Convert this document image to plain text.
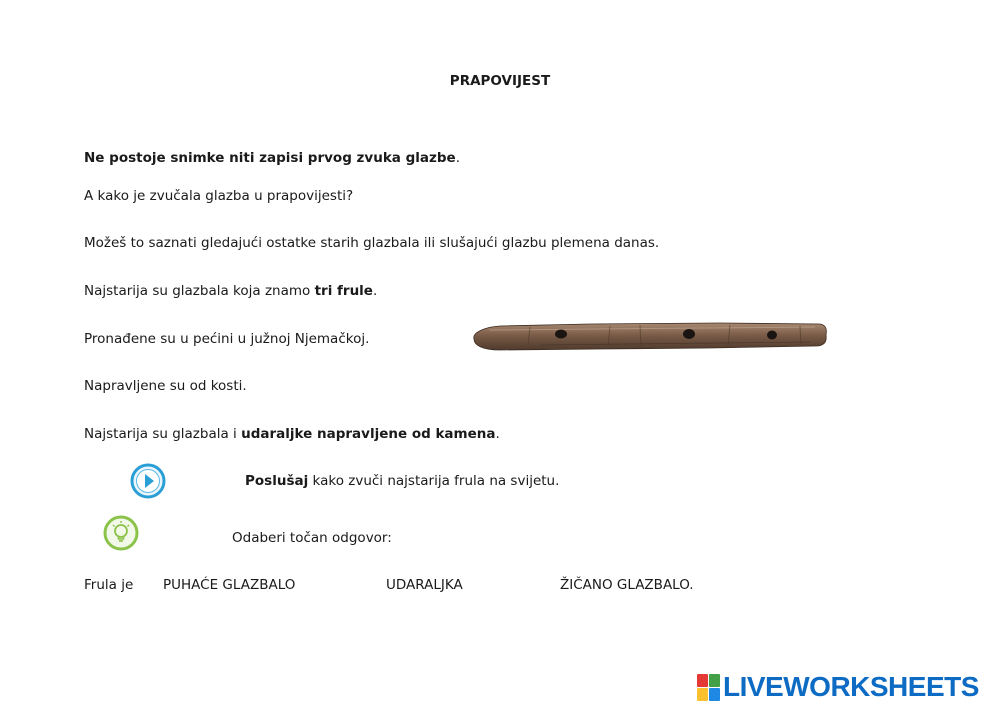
PRAPOVIJEST
Ne postoje snimke niti zapisi prvog zvuka glazbe.
A kako je zvučala glazba u prapovijesti?
Možeš to saznati gledajući ostatke starih glazbala ili slušajući glazbu plemena danas.
Najstarija su glazbala koja znamo tri frule.
Pronađene su u pećini u južnoj Njemačkoj.
Napravljene su od kosti.
Najstarija su glazbala i udaraljke napravljene od kamena.
Poslušaj kako zvuči najstarija frula na svijetu.
Odaberi točan odgovor:
Frula je PUHAĆE GLAZBALO	UDARALJKA	ŽIČANO GLAZBALO.
LIVEWORKSHEETS
